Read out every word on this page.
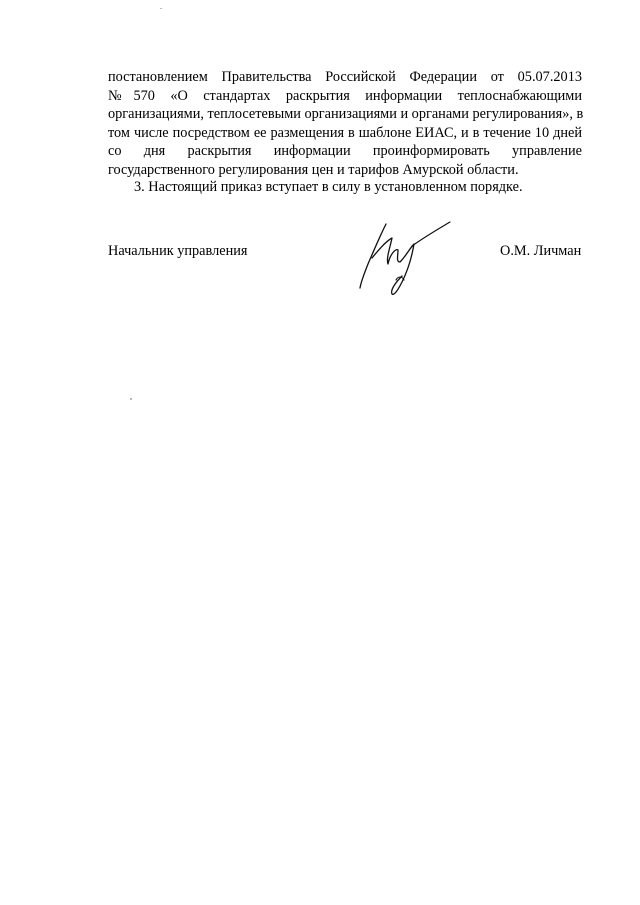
постановлением Правительства Российской Федерации от 05.07.2013
№570 «О стандартах раскрытия информации теплоснабжающими
организациями, теплосетевыми организациями и органами регулирования», в
том числе посредством ее размещения в шаблоне ЕИАС, и в течение 10 дней
со дня раскрытия информации проинформировать управление
государственного регулирования цен и тарифов Амурской области.
3. Настоящий приказ вступает в силу в установленном порядке.
Начальник управления	О.М. Личман
